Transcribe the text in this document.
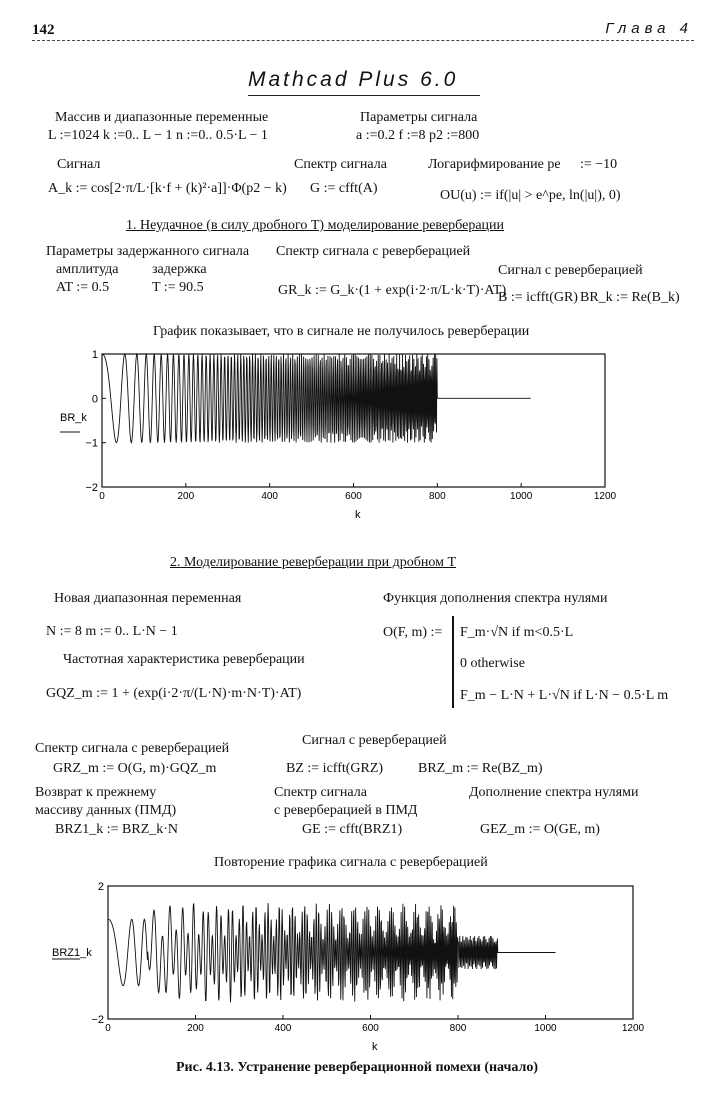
142	Глава 4
Mathcad Plus 6.0
Массив и диапазонные переменные
L :=1024 k :=0.. L − 1 n :=0.. 0.5·L − 1
Параметры сигнала
a :=0.2 f :=8 p2 :=800
Сигнал
A_k := cos[2·π/L·[k·f + (k)²·a]]·Φ(p2 − k)
Спектр сигнала
G := cfft(A)
Логарифмирование pe := −10
OU(u) := if(|u| > e^pe, ln(|u|), 0)
1. Неудачное (в силу дробного T) моделирование реверберации
Параметры задержанного сигнала Спектр сигнала с реверберацией
амплитуда задержка
AT := 0.5	T := 90.5	GR_k := G_k·(1 + exp(i·2·π/L·k·T)·AT)
Сигнал с реверберацией
B := icfft(GR) BR_k := Re(B_k)
График показывает, что в сигнале не получилось реверберации
0	200	400	600	800	1000	1200
1
0
−1
−2
BR_k
k
2. Моделирование реверберации при дробном T
Новая диапазонная переменная
N := 8 m := 0.. L·N − 1
Частотная характеристика реверберации
GQZ_m := 1 + (exp(i·2·π/(L·N)·m·N·T)·AT)
Функция дополнения спектра нулями
O(F, m) := F_m·√N if m<0.5·L
0 otherwise
F_m − L·N + L·√N if L·N − 0.5·L m
Спектр сигнала с реверберацией
GRZ_m := O(G, m)·GQZ_m
Сигнал с реверберацией
BZ := icfft(GRZ) BRZ_m := Re(BZ_m)
Возврат к прежнему
массиву данных (ПМД)
BRZ1_k := BRZ_k·N
Спектр сигнала
с реверберацией в ПМД
GE := cfft(BRZ1)
Дополнение спектра нулями
GEZ_m := O(GE, m)
Повторение графика сигнала с реверберацией
0	200	400	600	800	1000	1200
2
−2
BRZ1_k
k
Рис. 4.13. Устранение реверберационной помехи (начало)
